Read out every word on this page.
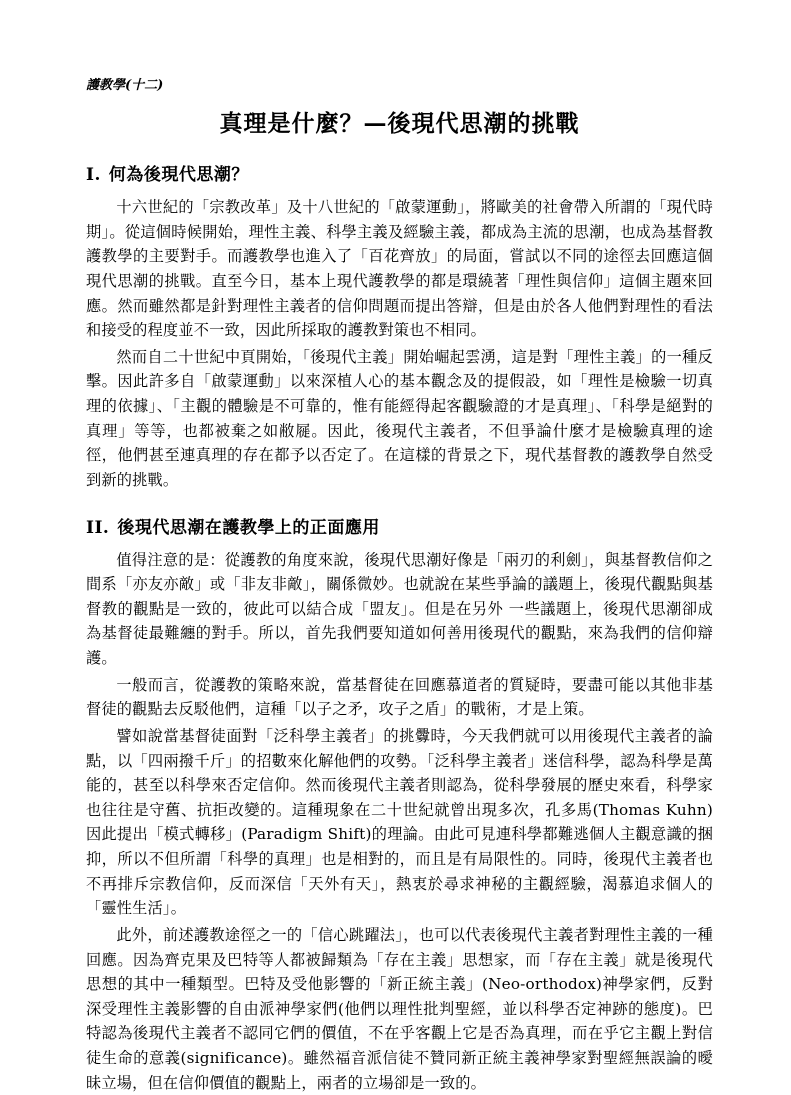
護教學(十二)
真理是什麼？—後現代思潮的挑戰
I. 何為後現代思潮？

十六世紀的「宗教改革」及十八世紀的「啟蒙運動」，將歐美的社會帶入所謂的「現代時期」。從這個時候開始，理性主義、科學主義及經驗主義，都成為主流的思潮，也成為基督教護教學的主要對手。而護教學也進入了「百花齊放」的局面，嘗試以不同的途徑去回應這個現代思潮的挑戰。直至今日，基本上現代護教學的都是環繞著「理性與信仰」這個主題來回應。然而雖然都是針對理性主義者的信仰問題而提出答辯，但是由於各人他們對理性的看法和接受的程度並不一致，因此所採取的護教對策也不相同。

然而自二十世紀中頁開始，「後現代主義」開始崛起雲湧，這是對「理性主義」的一種反擊。因此許多自「啟蒙運動」以來深植人心的基本觀念及的提假設，如「理性是檢驗一切真理的依據」、「主觀的體驗是不可靠的，惟有能經得起客觀驗證的才是真理」、「科學是絕對的真理」等等，也都被棄之如敝屣。因此，後現代主義者，不但爭論什麼才是檢驗真理的途徑，他們甚至連真理的存在都予以否定了。在這樣的背景之下，現代基督教的護教學自然受到新的挑戰。

II. 後現代思潮在護教學上的正面應用

值得注意的是：從護教的角度來說，後現代思潮好像是「兩刃的利劍」，與基督教信仰之間系「亦友亦敵」或「非友非敵」，關係微妙。也就說在某些爭論的議題上，後現代觀點與基督教的觀點是一致的，彼此可以結合成「盟友」。但是在另外 一些議題上，後現代思潮卻成為基督徒最難纏的對手。所以，首先我們要知道如何善用後現代的觀點，來為我們的信仰辯護。

一般而言，從護教的策略來說，當基督徒在回應慕道者的質疑時，要盡可能以其他非基督徒的觀點去反駁他們，這種「以子之矛，攻子之盾」的戰術，才是上策。

譬如說當基督徒面對「泛科學主義者」的挑釁時，今天我們就可以用後現代主義者的論點，以「四兩撥千斤」的招數來化解他們的攻勢。「泛科學主義者」迷信科學，認為科學是萬能的，甚至以科學來否定信仰。然而後現代主義者則認為，從科學發展的歷史來看，科學家也往往是守舊、抗拒改變的。這種現象在二十世紀就曾出現多次，孔多馬(Thomas Kuhn)因此提出「模式轉移」(Paradigm Shift)的理論。由此可見連科學都難逃個人主觀意識的捆抑，所以不但所謂「科學的真理」也是相對的，而且是有局限性的。同時，後現代主義者也不再排斥宗教信仰，反而深信「天外有天」，熱衷於尋求神秘的主觀經驗，渴慕追求個人的「靈性生活」。

此外，前述護教途徑之一的「信心跳躍法」，也可以代表後現代主義者對理性主義的一種回應。因為齊克果及巴特等人都被歸類為「存在主義」思想家，而「存在主義」就是後現代思想的其中一種類型。巴特及受他影響的「新正統主義」(Neo-orthodox)神學家們，反對深受理性主義影響的自由派神學家們(他們以理性批判聖經，並以科學否定神跡的態度)。巴特認為後現代主義者不認同它們的價值，不在乎客觀上它是否為真理，而在乎它主觀上對信徒生命的意義(significance)。雖然福音派信徒不贊同新正統主義神學家對聖經無誤論的曖昧立場，但在信仰價值的觀點上，兩者的立場卻是一致的。
